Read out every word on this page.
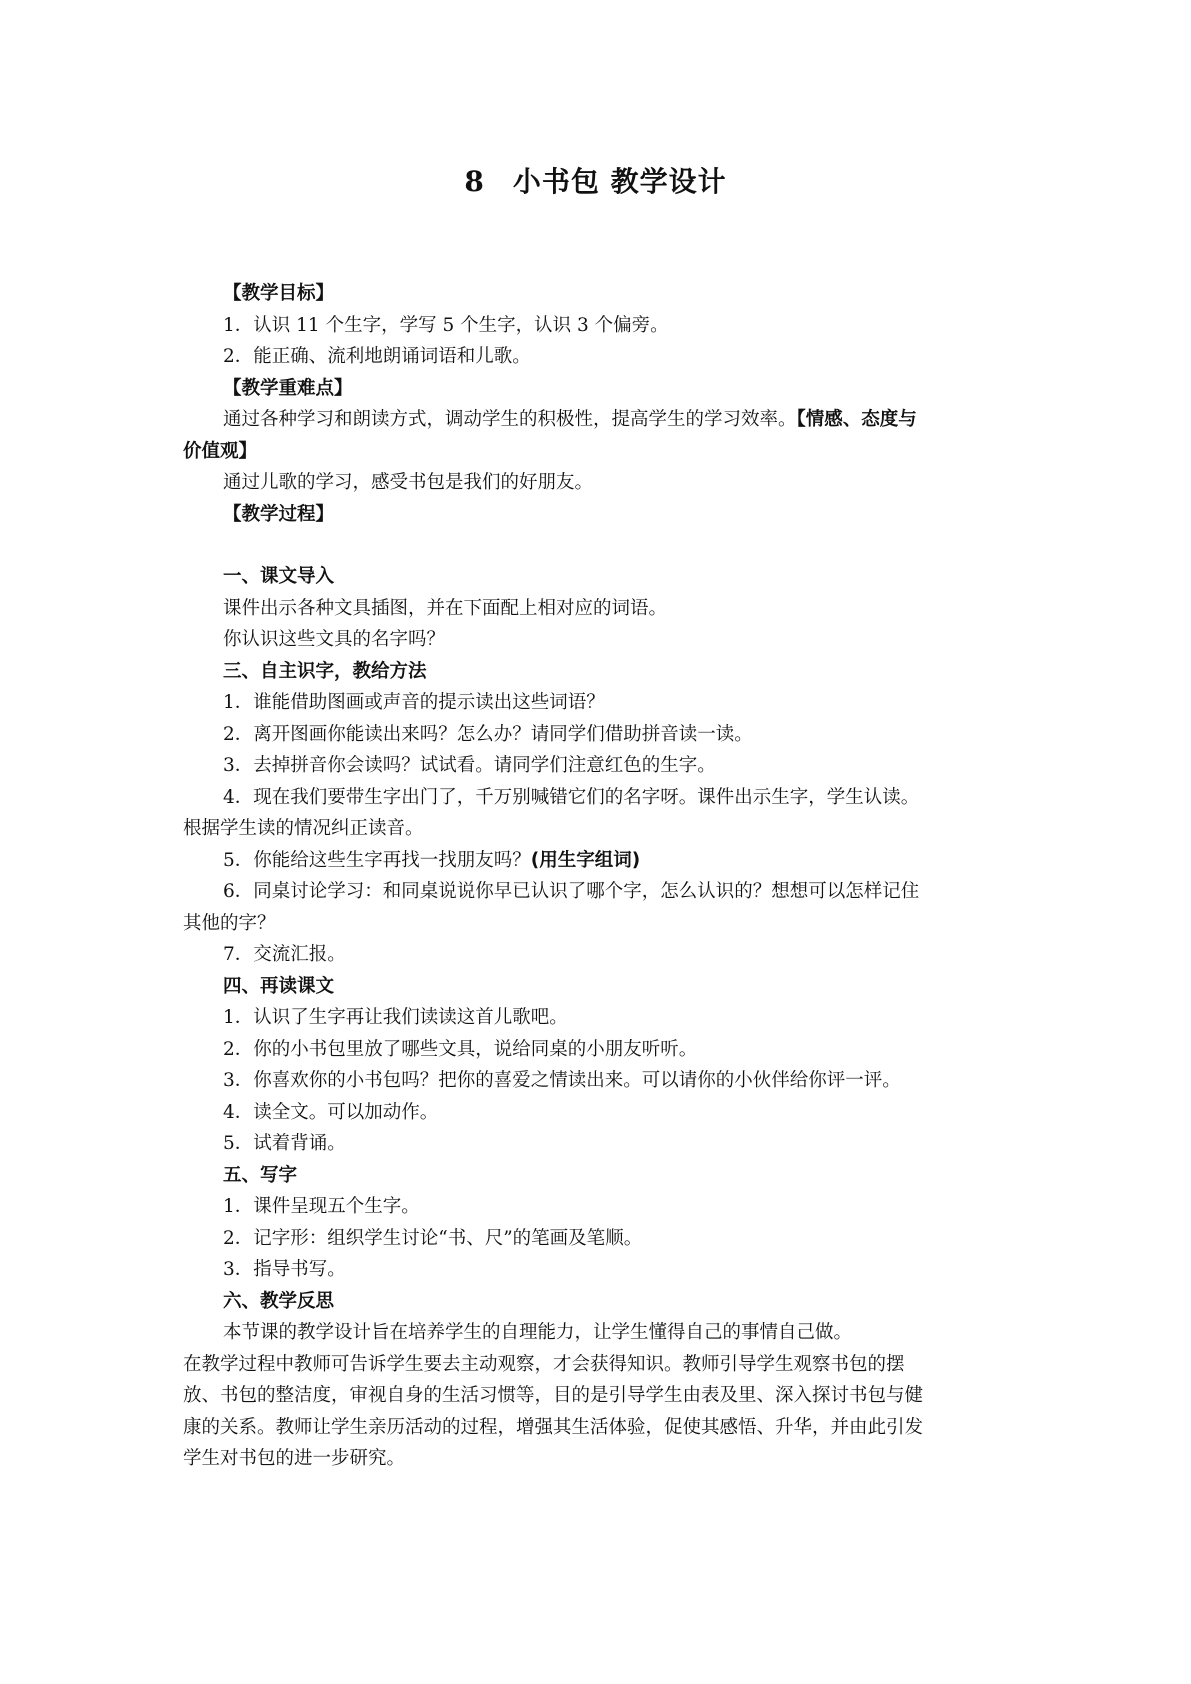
8 小书包 教学设计
【教学目标】
1．认识 11 个生字，学写 5 个生字，认识 3 个偏旁。
2．能正确、流利地朗诵词语和儿歌。
【教学重难点】
通过各种学习和朗读方式，调动学生的积极性，提高学生的学习效率。【情感、态度与
价值观】
通过儿歌的学习，感受书包是我们的好朋友。
【教学过程】
一、课文导入
课件出示各种文具插图，并在下面配上相对应的词语。
你认识这些文具的名字吗？
三、自主识字，教给方法
1．谁能借助图画或声音的提示读出这些词语？
2．离开图画你能读出来吗？怎么办？请同学们借助拼音读一读。
3．去掉拼音你会读吗？试试看。请同学们注意红色的生字。
4．现在我们要带生字出门了，千万别喊错它们的名字呀。课件出示生字，学生认读。
根据学生读的情况纠正读音。
5．你能给这些生字再找一找朋友吗？(用生字组词)
6．同桌讨论学习：和同桌说说你早已认识了哪个字，怎么认识的？想想可以怎样记住
其他的字？
7．交流汇报。
四、再读课文
1．认识了生字再让我们读读这首儿歌吧。
2．你的小书包里放了哪些文具，说给同桌的小朋友听听。
3．你喜欢你的小书包吗？把你的喜爱之情读出来。可以请你的小伙伴给你评一评。
4．读全文。可以加动作。
5．试着背诵。
五、写字
1．课件呈现五个生字。
2．记字形：组织学生讨论“书、尺”的笔画及笔顺。
3．指导书写。
六、教学反思
本节课的教学设计旨在培养学生的自理能力，让学生懂得自己的事情自己做。
在教学过程中教师可告诉学生要去主动观察，才会获得知识。教师引导学生观察书包的摆
放、书包的整洁度，审视自身的生活习惯等，目的是引导学生由表及里、深入探讨书包与健
康的关系。教师让学生亲历活动的过程，增强其生活体验，促使其感悟、升华，并由此引发
学生对书包的进一步研究。
